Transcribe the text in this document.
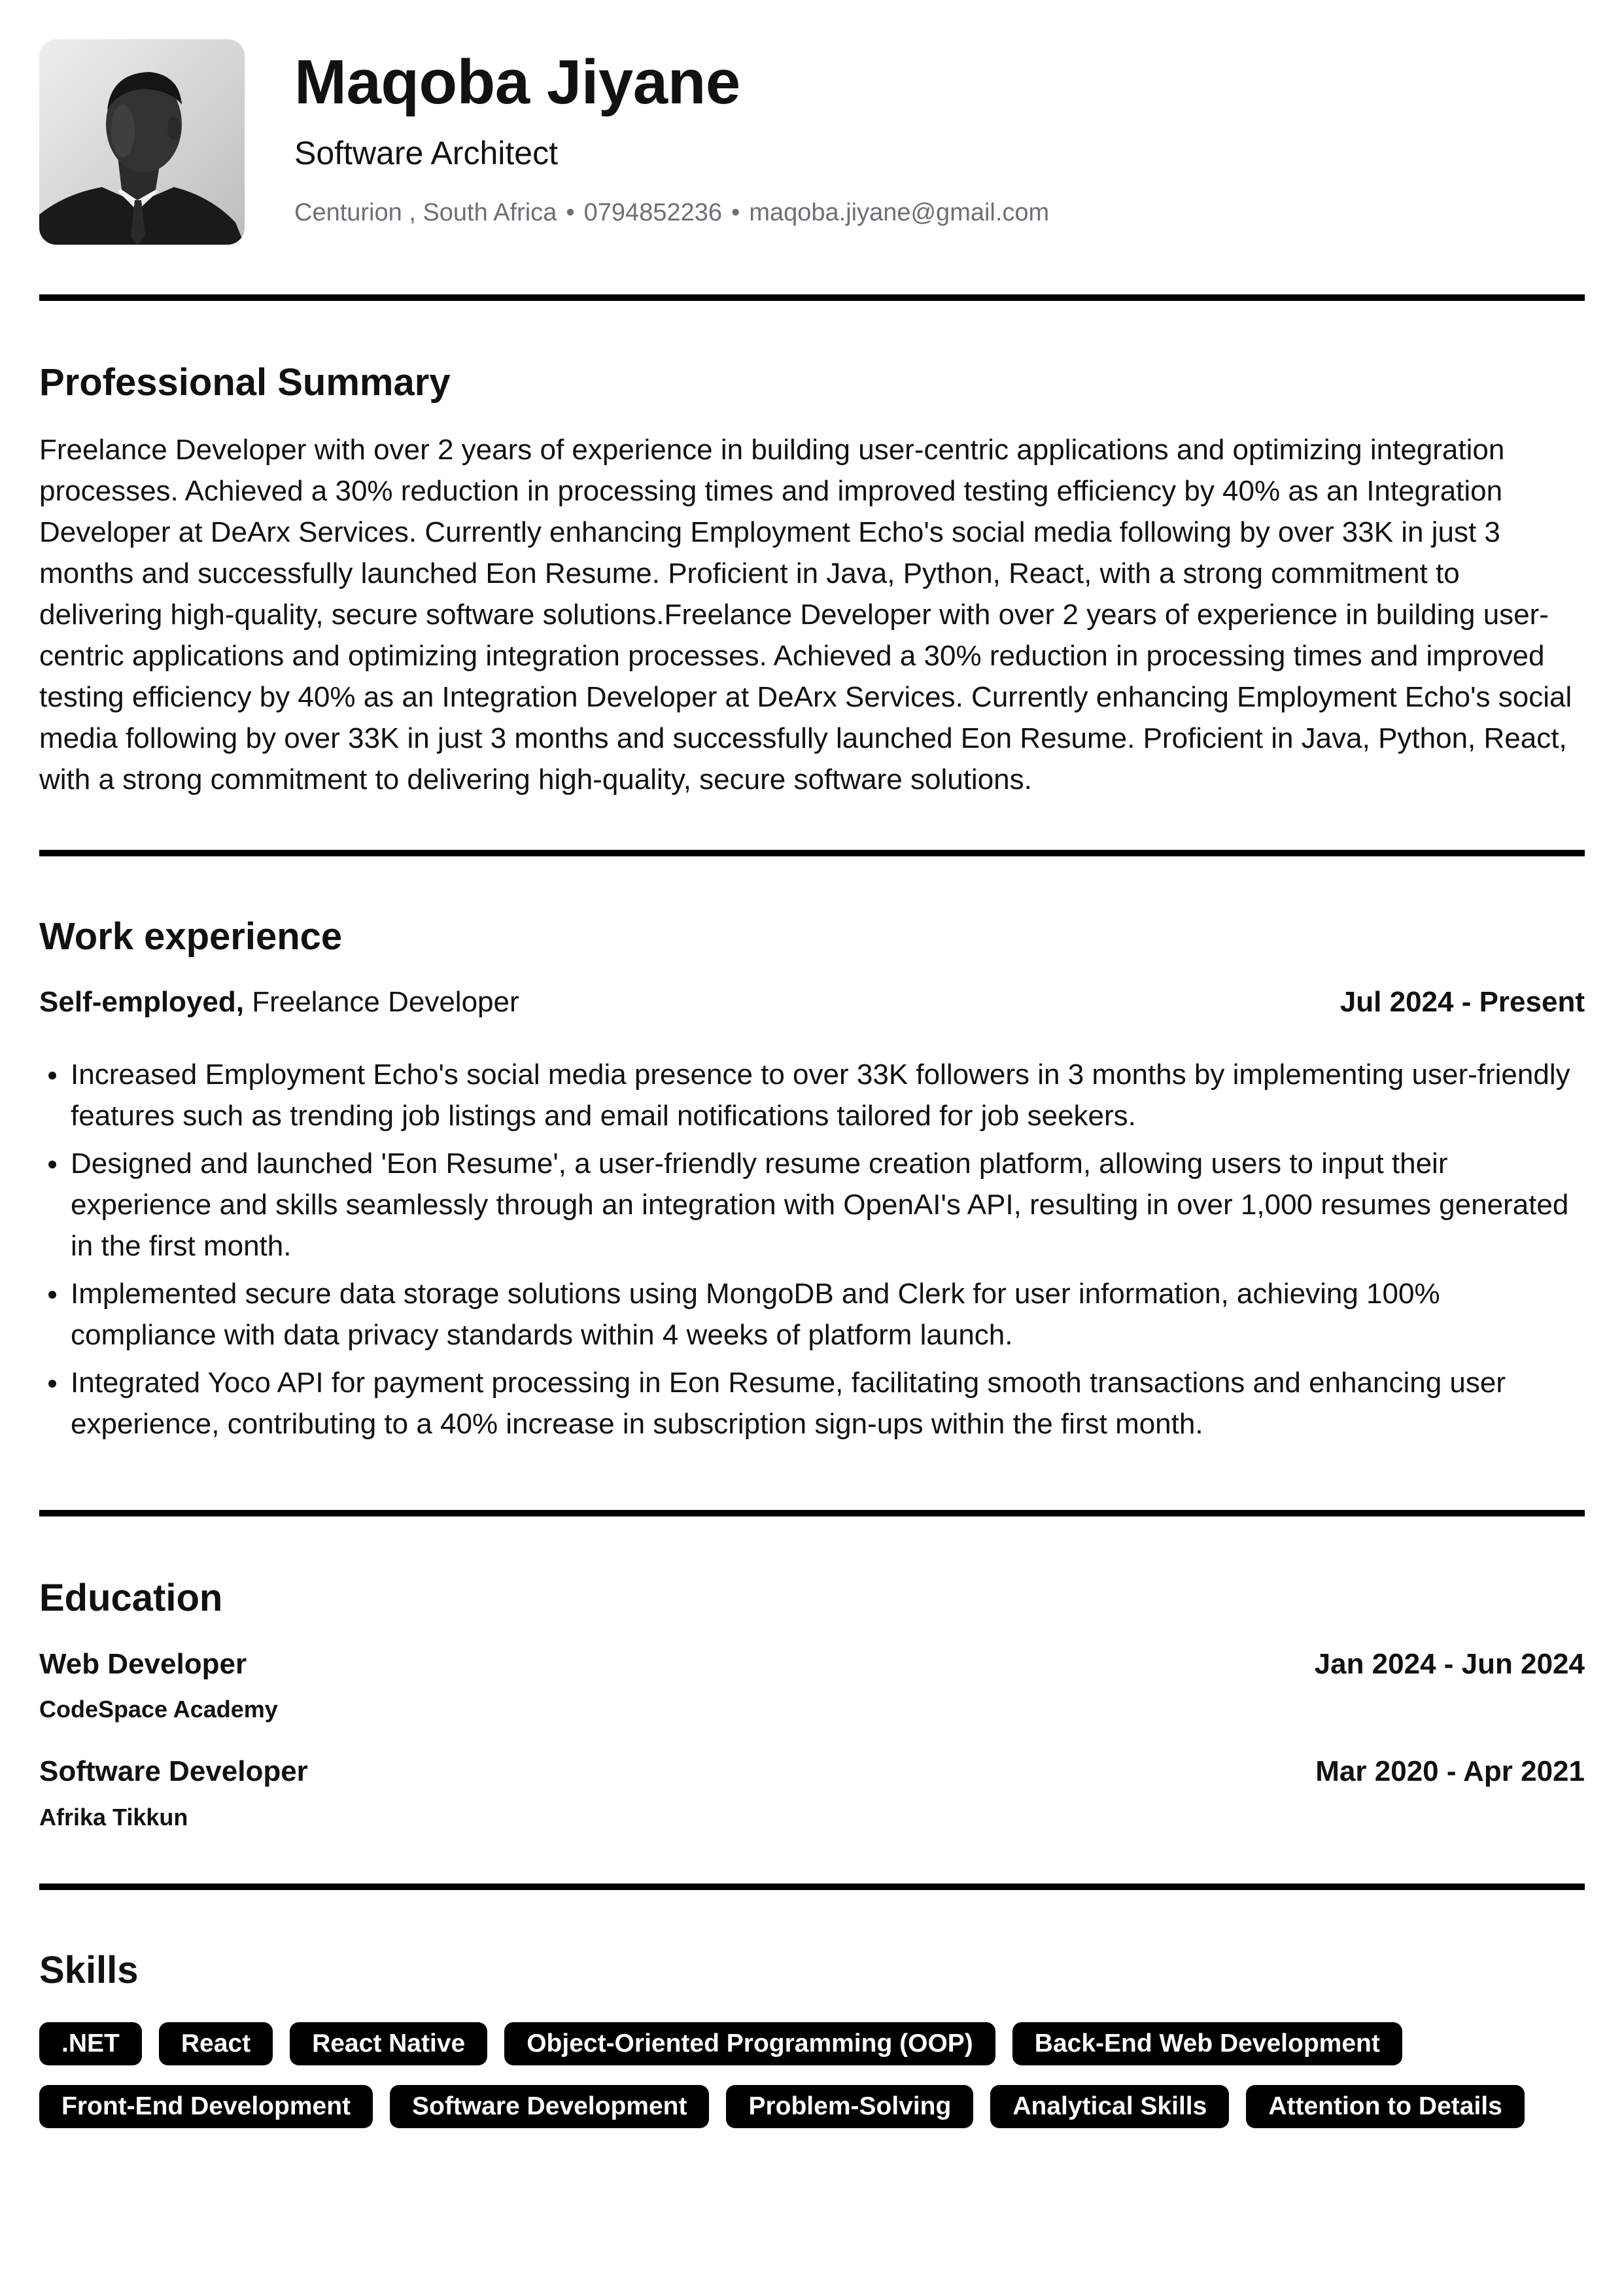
Maqoba Jiyane
Software Architect
Centurion , South Africa • 0794852236 • maqoba.jiyane@gmail.com
Professional Summary
Freelance Developer with over 2 years of experience in building user-centric applications and optimizing integration processes. Achieved a 30% reduction in processing times and improved testing efficiency by 40% as an Integration Developer at DeArx Services. Currently enhancing Employment Echo's social media following by over 33K in just 3 months and successfully launched Eon Resume. Proficient in Java, Python, React, with a strong commitment to delivering high-quality, secure software solutions.Freelance Developer with over 2 years of experience in building user-centric applications and optimizing integration processes. Achieved a 30% reduction in processing times and improved testing efficiency by 40% as an Integration Developer at DeArx Services. Currently enhancing Employment Echo's social media following by over 33K in just 3 months and successfully launched Eon Resume. Proficient in Java, Python, React, with a strong commitment to delivering high-quality, secure software solutions.
Work experience
Self-employed, Freelance Developer	Jul 2024 - Present
Increased Employment Echo's social media presence to over 33K followers in 3 months by implementing user-friendly features such as trending job listings and email notifications tailored for job seekers.
Designed and launched 'Eon Resume', a user-friendly resume creation platform, allowing users to input their experience and skills seamlessly through an integration with OpenAI's API, resulting in over 1,000 resumes generated in the first month.
Implemented secure data storage solutions using MongoDB and Clerk for user information, achieving 100% compliance with data privacy standards within 4 weeks of platform launch.
Integrated Yoco API for payment processing in Eon Resume, facilitating smooth transactions and enhancing user experience, contributing to a 40% increase in subscription sign-ups within the first month.
Education
Web Developer	Jan 2024 - Jun 2024
CodeSpace Academy
Software Developer	Mar 2020 - Apr 2021
Afrika Tikkun
Skills
.NET	React	React Native	Object-Oriented Programming (OOP)	Back-End Web Development
Front-End Development	Software Development	Problem-Solving	Analytical Skills	Attention to Details
